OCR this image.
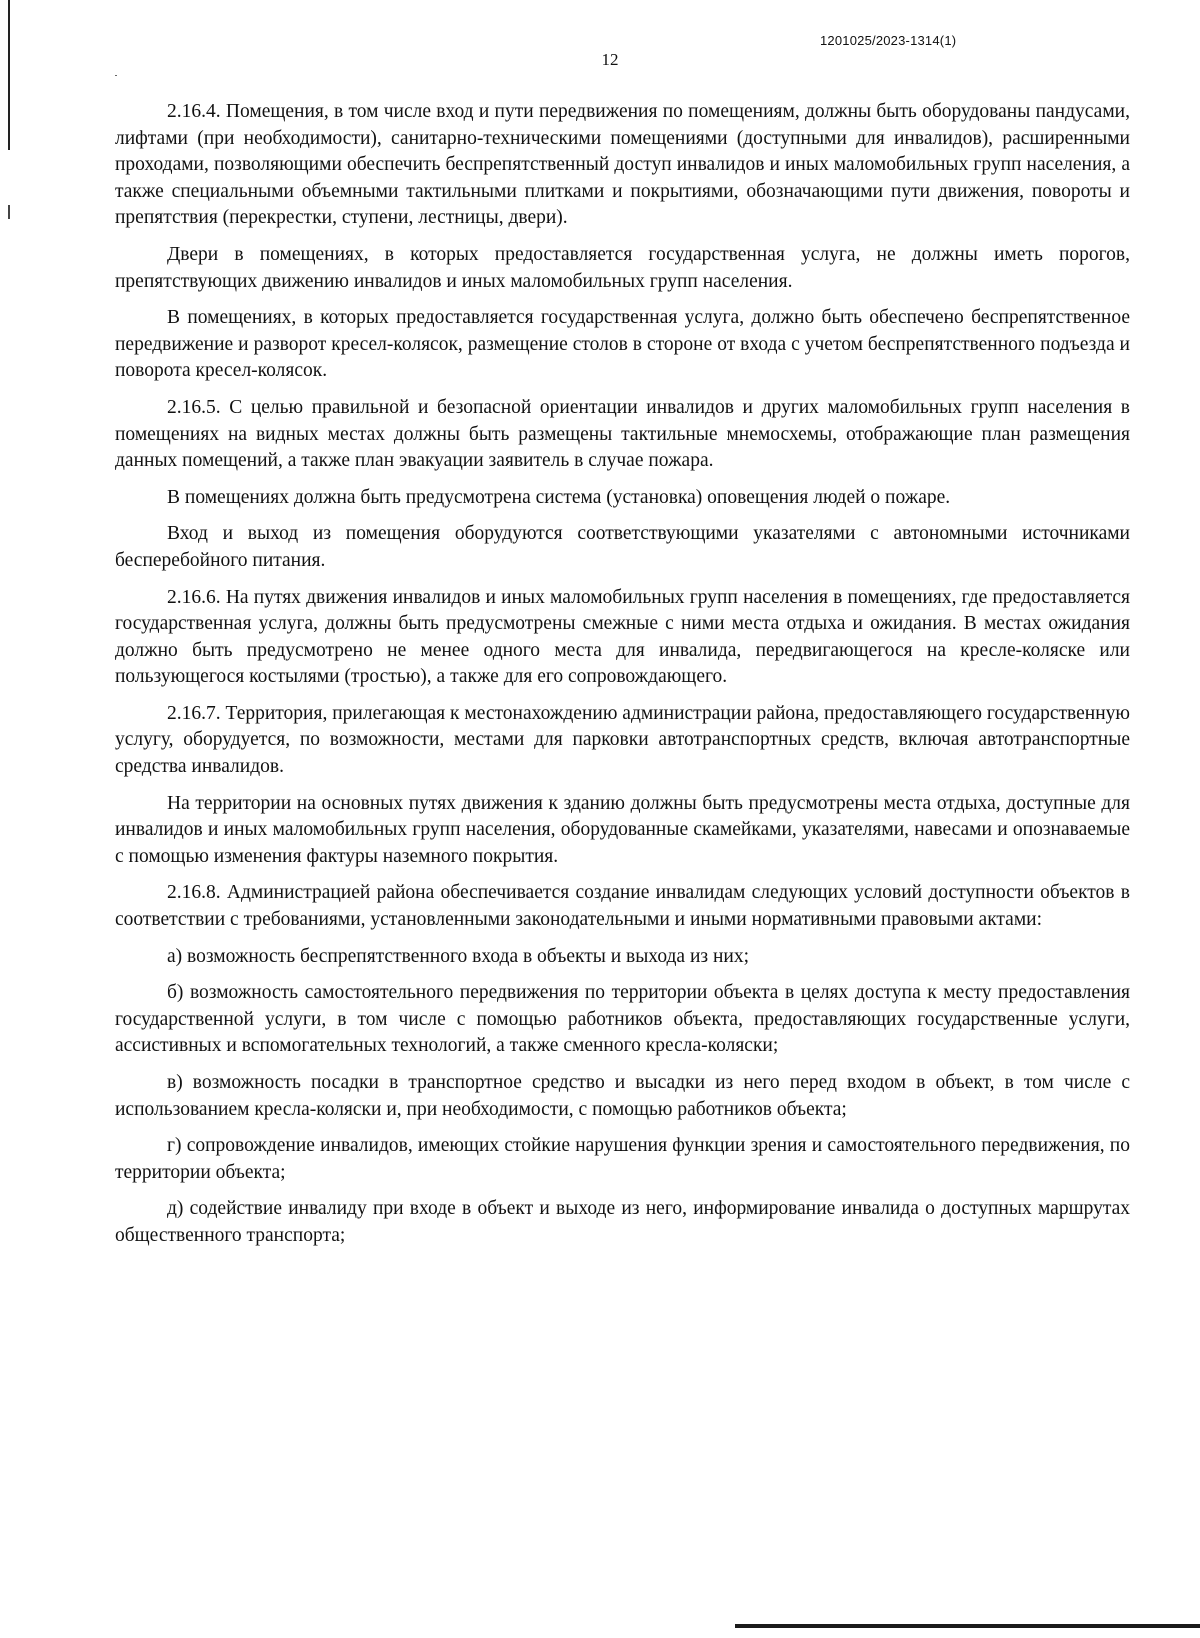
1201025/2023-1314(1)
12

2.16.4. Помещения, в том числе вход и пути передвижения по помещениям, должны быть оборудованы пандусами, лифтами (при необходимости), санитарно-техническими помещениями (доступными для инвалидов), расширенными проходами, позволяющими обеспечить беспрепятственный доступ инвалидов и иных маломобильных групп населения, а также специальными объемными тактильными плитками и покрытиями, обозначающими пути движения, повороты и препятствия (перекрестки, ступени, лестницы, двери).

Двери в помещениях, в которых предоставляется государственная услуга, не должны иметь порогов, препятствующих движению инвалидов и иных маломобильных групп населения.

В помещениях, в которых предоставляется государственная услуга, должно быть обеспечено беспрепятственное передвижение и разворот кресел-колясок, размещение столов в стороне от входа с учетом беспрепятственного подъезда и поворота кресел-колясок.

2.16.5. С целью правильной и безопасной ориентации инвалидов и других маломобильных групп населения в помещениях на видных местах должны быть размещены тактильные мнемосхемы, отображающие план размещения данных помещений, а также план эвакуации заявитель в случае пожара.

В помещениях должна быть предусмотрена система (установка) оповещения людей о пожаре.

Вход и выход из помещения оборудуются соответствующими указателями с автономными источниками бесперебойного питания.

2.16.6. На путях движения инвалидов и иных маломобильных групп населения в помещениях, где предоставляется государственная услуга, должны быть предусмотрены смежные с ними места отдыха и ожидания. В местах ожидания должно быть предусмотрено не менее одного места для инвалида, передвигающегося на кресле-коляске или пользующегося костылями (тростью), а также для его сопровождающего.

2.16.7. Территория, прилегающая к местонахождению администрации района, предоставляющего государственную услугу, оборудуется, по возможности, местами для парковки автотранспортных средств, включая автотранспортные средства инвалидов.

На территории на основных путях движения к зданию должны быть предусмотрены места отдыха, доступные для инвалидов и иных маломобильных групп населения, оборудованные скамейками, указателями, навесами и опознаваемые с помощью изменения фактуры наземного покрытия.

2.16.8. Администрацией района обеспечивается создание инвалидам следующих условий доступности объектов в соответствии с требованиями, установленными законодательными и иными нормативными правовыми актами:

а) возможность беспрепятственного входа в объекты и выхода из них;

б) возможность самостоятельного передвижения по территории объекта в целях доступа к месту предоставления государственной услуги, в том числе с помощью работников объекта, предоставляющих государственные услуги, ассистивных и вспомогательных технологий, а также сменного кресла-коляски;

в) возможность посадки в транспортное средство и высадки из него перед входом в объект, в том числе с использованием кресла-коляски и, при необходимости, с помощью работников объекта;

г) сопровождение инвалидов, имеющих стойкие нарушения функции зрения и самостоятельного передвижения, по территории объекта;

д) содействие инвалиду при входе в объект и выходе из него, информирование инвалида о доступных маршрутах общественного транспорта;
